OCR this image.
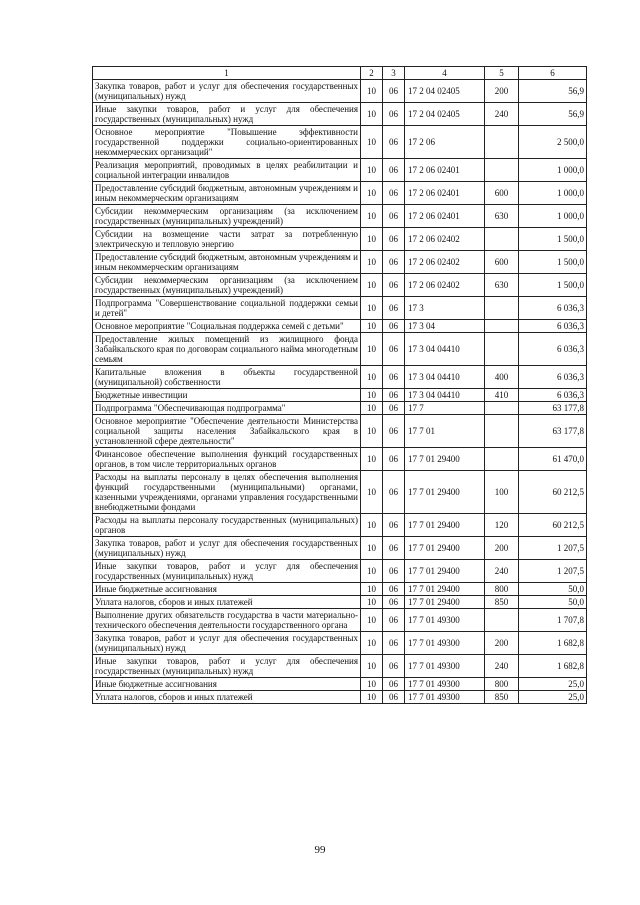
1	2	3	4	5	6
Закупка товаров, работ и услуг для обеспечения государственных (муниципальных) нужд	10	06	17 2 04 02405	200	56,9
Иные закупки товаров, работ и услуг для обеспечения государственных (муниципальных) нужд	10	06	17 2 04 02405	240	56,9
Основное мероприятие "Повышение эффективности государственной поддержки социально-ориентированных некоммерческих организаций"	10	06	17 2 06		2 500,0
Реализация мероприятий, проводимых в целях реабилитации и социальной интеграции инвалидов	10	06	17 2 06 02401		1 000,0
Предоставление субсидий бюджетным, автономным учреждениям и иным некоммерческим организациям	10	06	17 2 06 02401	600	1 000,0
Субсидии некоммерческим организациям (за исключением государственных (муниципальных) учреждений)	10	06	17 2 06 02401	630	1 000,0
Субсидии на возмещение части затрат за потребленную электрическую и тепловую энергию	10	06	17 2 06 02402		1 500,0
Предоставление субсидий бюджетным, автономным учреждениям и иным некоммерческим организациям	10	06	17 2 06 02402	600	1 500,0
Субсидии некоммерческим организациям (за исключением государственных (муниципальных) учреждений)	10	06	17 2 06 02402	630	1 500,0
Подпрограмма "Совершенствование социальной поддержки семьи и детей"	10	06	17 3		6 036,3
Основное мероприятие "Социальная поддержка семей с детьми"	10	06	17 3 04		6 036,3
Предоставление жилых помещений из жилищного фонда Забайкальского края по договорам социального найма многодетным семьям	10	06	17 3 04 04410		6 036,3
Капитальные вложения в объекты государственной (муниципальной) собственности	10	06	17 3 04 04410	400	6 036,3
Бюджетные инвестиции	10	06	17 3 04 04410	410	6 036,3
Подпрограмма "Обеспечивающая подпрограмма"	10	06	17 7		63 177,8
Основное мероприятие "Обеспечение деятельности Министерства социальной защиты населения Забайкальского края в установленной сфере деятельности"	10	06	17 7 01		63 177,8
Финансовое обеспечение выполнения функций государственных органов, в том числе территориальных органов	10	06	17 7 01 29400		61 470,0
Расходы на выплаты персоналу в целях обеспечения выполнения функций государственными (муниципальными) органами, казенными учреждениями, органами управления государственными внебюджетными фондами	10	06	17 7 01 29400	100	60 212,5
Расходы на выплаты персоналу государственных (муниципальных) органов	10	06	17 7 01 29400	120	60 212,5
Закупка товаров, работ и услуг для обеспечения государственных (муниципальных) нужд	10	06	17 7 01 29400	200	1 207,5
Иные закупки товаров, работ и услуг для обеспечения государственных (муниципальных) нужд	10	06	17 7 01 29400	240	1 207,5
Иные бюджетные ассигнования	10	06	17 7 01 29400	800	50,0
Уплата налогов, сборов и иных платежей	10	06	17 7 01 29400	850	50,0
Выполнение других обязательств государства в части материально-технического обеспечения деятельности государственного органа	10	06	17 7 01 49300		1 707,8
Закупка товаров, работ и услуг для обеспечения государственных (муниципальных) нужд	10	06	17 7 01 49300	200	1 682,8
Иные закупки товаров, работ и услуг для обеспечения государственных (муниципальных) нужд	10	06	17 7 01 49300	240	1 682,8
Иные бюджетные ассигнования	10	06	17 7 01 49300	800	25,0
Уплата налогов, сборов и иных платежей	10	06	17 7 01 49300	850	25,0
99
